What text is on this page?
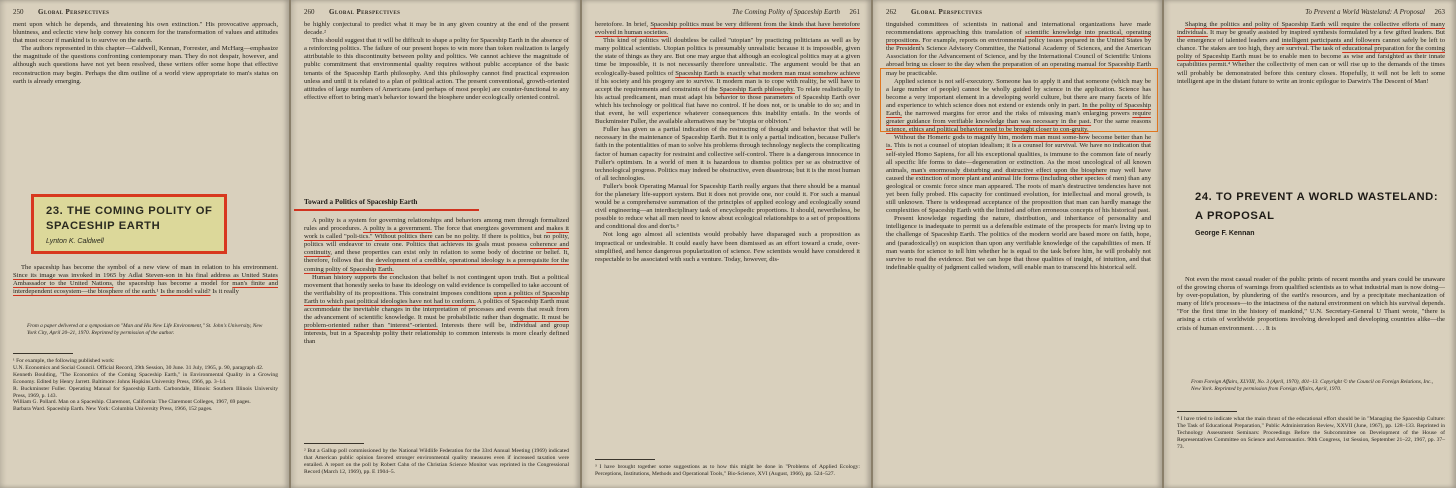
250 Global Perspectives

ment upon which he depends, and threatening his own extinction." His provocative approach, bluntness, and eclectic view help convey his concern for the transformation of values and attitudes that must occur if mankind is to survive on the earth.

The authors represented in this chapter—Caldwell, Kennan, Forrester, and McHarg—emphasize the magnitude of the questions confronting contemporary man. They do not despair, however, and although such questions have not yet been resolved, these writers offer some hope that effective reconstruction may begin. Perhaps the dim outline of a world view appropriate to man's status on earth is already emerging.

23. THE COMING POLITY OF SPACESHIP EARTH
Lynton K. Caldwell

The spaceship has become the symbol of a new view of man in relation to his environment. Since its image was invoked in 1965 by Adlai Steven-son in his final address as United States Ambassador to the United Nations, the spaceship has become a model for man's finite and interdependent ecosystem—the biosphere of the earth.¹ Is the model valid? Is it really

From a paper delivered at a symposium on "Man and His New Life Environment," St. John's University, New York City, April 20–21, 1970. Reprinted by permission of the author.

¹ For example, the following published work:

U.N. Economics and Social Council. Official Record, 39th Session, 30 June. 31 July, 1965, p. 90, paragraph 42.

Kenneth Boulding, "The Economics of the Coming Spaceship Earth," in Environmental Quality in a Growing Economy. Edited by Henry Jarrett. Baltimore: Johns Hopkins University Press, 1966, pp. 3–14.

R. Buckminster Fuller. Operating Manual for Spaceship Earth. Carbondale, Illinois: Southern Illinois University Press, 1969, p. 143.

William G. Pollard. Man on a Spaceship. Claremont, California: The Claremont Colleges, 1967, 69 pages.

Barbara Ward. Spaceship Earth. New York: Columbia University Press, 1966, 152 pages.

260 Global Perspectives

be highly conjectural to predict what it may be in any given country at the end of the present decade.²

This should suggest that it will be difficult to shape a polity for Spaceship Earth in the absence of a reinforcing politics. The failure of our present hopes to win more than token realization is largely attributable to this discontinuity between polity and politics. We cannot achieve the magnitude of public commitment that environmental quality requires without public acceptance of the basic tenants of the Spaceship Earth philosophy. And this philosophy cannot find practical expression unless and until it is related to a plan of political action. The present conventional, growth-oriented attitudes of large numbers of Americans (and perhaps of most people) are counter-functional to any effective effort to bring man's behavior toward the biosphere under ecologically oriented control.

Toward a Politics of Spaceship Earth

A polity is a system for governing relationships and behaviors among men through formalized rules and procedures. A polity is a government. The force that energizes government and makes it work is called "poli-tics." Without politics there can be no polity. If there is politics, but no polity, politics will endeavor to create one. Politics that achieves its goals must possess coherence and continuity, and these properties can exist only in relation to some body of doctrine or belief. It, therefore, follows that the development of a credible, operational ideology is a prerequisite for the coming polity of Spaceship Earth.

Human history supports the conclusion that belief is not contingent upon truth. But a political movement that honestly seeks to base its ideology on valid evidence is compelled to take account of the verifiability of its propositions. This constraint imposes conditions upon a politics of Spaceship Earth to which past political ideologies have not had to conform. A politics of Spaceship Earth must accommodate the inevitable changes in the interpretation of processes and events that result from the advancement of scientific knowledge. It must be probabilistic rather than dogmatic. It must be problem-oriented rather than "interest"-oriented. Interests there will be, individual and group interests, but in a Spaceship polity their relationship to common interests is more clearly defined than

² But a Gallup poll commissioned by the National Wildlife Federation for the 33rd Annual Meeting (1969) indicated that American public opinion favored stronger environmental quality measures even if increased taxation were entailed. A report on the poll by Robert Cahn of the Christian Science Monitor was reprinted in the Congressional Record (March 12, 1969), pp. E 1904–5.
The Coming Polity of Spaceship Earth 261

heretofore. In brief, Spaceship politics must be very different from the kinds that have heretofore evolved in human societies.

This kind of politics will doubtless be called "utopian" by practicing politicians as well as by many political scientists. Utopian politics is presumably unrealistic because it is impossible, given the state of things as they are. But one may argue that although an ecological politics may at a given time be impossible, it is not necessarily therefore unrealistic. The argument would be that an ecologically-based politics of Spaceship Earth is exactly what modern man must somehow achieve if his society and his progeny are to survive. It modern man is to cope with reality, he will have to accept the requirements and constraints of the Spaceship Earth philosophy. To relate realistically to his actual predicament, man must adapt his behavior to those parameters of Spaceship Earth over which his technology or political fiat have no control. If he does not, or is unable to do so; and in that event, he will experience whatever consequences this inability entails. In the words of Buckminster Fuller, the available alternatives may be "utopia or oblivion."

Fuller has given us a partial indication of the restructing of thought and behavior that will be necessary in the maintenance of Spaceship Earth. But it is only a partial indication, because Fuller's faith in the potentialities of man to solve his problems through technology neglects the complicating factor of human capacity for restraint and collective self-control. There is a dangerous innocence in Fuller's optimism. In a world of men it is hazardous to dismiss politics per se as obstructive of technological progress. Politics may indeed be obstructive, even disastrous; but it is the most human of all technologies.

Fuller's book Operating Manual for Spaceship Earth really argues that there should be a manual for the planetary life-support system. But it does not provide one, nor could it. For such a manual would be a comprehensive summation of the principles of applied ecology and ecologically sound civil engineering—an interdisciplinary task of encyclopedic proportions. It should, nevertheless, be possible to reduce what all men need to know about ecological relationships to a set of propositions and conditional dos and don'ts.³

Not long ago almost all scientists would probably have disparaged such a proposition as impractical or undesirable. It could easily have been dismissed as an effort toward a crude, over-simplified, and hence dangerous popularization of science. Few scientists would have considered it respectable to be associated with such a venture. Today, however, dis-

³ I have brought together some suggestions as to how this might be done in "Problems of Applied Ecology: Perceptions, Institutions, Methods and Operational Tools," Bio-Science, XVI (August, 1966), pp. 524–527.
262 Global Perspectives

tinguished committees of scientists in national and international organizations have made recommendations approaching this translation of scientific knowledge into practical, operating propositions. For example, reports on environmental policy issues prepared in the United States by the President's Science Advisory Committee, the National Academy of Sciences, and the American Association for the Advancement of Science, and by the International Council of Scientific Unions abroad bring us closer to the day when the preparation of an operating manual for Spaceship Earth may be practicable.

Applied science is not self-executory. Someone has to apply it and that someone (which may be a large number of people) cannot be wholly guided by science in the application. Science has become a very important element in a developing world culture, but there are many facets of life and experience to which science does not extend or extends only in part. In the polity of Spaceship Earth, the narrowed margins for error and the risks of misusing man's enlarging powers require greater guidance from verifiable knowledge than was necessary in the past. For the same reasons science, ethics and political behavior need to be brought closer to con-gruity.

Without the Homeric gods to magnify him, modern man must some-how become better than he is. This is not a counsel of utopian idealism; it is a counsel for survival. We have no indication that self-styled Homo Sapiens, for all his exceptional qualities, is immune to the common fate of nearly all specific life forms to date—degeneration or extinction. As the most uncological of all known animals, man's enormously disturbing and distructive effect upon the biosphere may well have caused the extinction of more plant and animal life forms (including other species of men) than any geological or cosmic force since man appeared. The roots of man's destructive tendencies have not yet been fully probed. His capacity for continued evolution, for intellectual and moral growth, is still unknown. There is widespread acceptance of the proposition that man can hardly manage the complexities of Spaceship Earth with the limited and often erroneous concepts of his historical past.

Present knowledge regarding the nature, distribution, and inheritance of personality and intelligence is inadequate to permit us a defensible estimate of the prospects for man's living up to the challenge of Spaceship Earth. The politics of the modern world are based more on faith, hope, and (paradoxically) on suspicion than upon any verifiable knowledge of the capabilities of men. If man wants for science to tell him whether he is equal to the task before him, he will probably not survive to read the evidence. But we can hope that those qualities of insight, of intuition, and that indefinable quality of judgment called wisdom, will enable man to transcend his historical self.

To Prevent a World Wasteland: A Proposal 263

Shaping the politics and polity of Spaceship Earth will require the collective efforts of many individuals. It may be greatly assisted by inspired synthesis formulated by a few gifted leaders. But the emergence of talented leaders and intelligent participants and followers cannot safely be left to chance. The stakes are too high, they are survival. The task of educational preparation for the coming polity of Spaceship Earth must be to enable men to become as wise and farsighted as their innate capabilities permit.⁴ Whether the collectivity of men can or will rise up to the demands of the times will probably be demonstrated before this century closes. Hopefully, it will not be left to some intelligent ape in the distant future to write an ironic epilogue to Darwin's The Descent of Man!

24. TO PREVENT A WORLD WASTELAND:
A PROPOSAL
George F. Kennan

Not even the most casual reader of the public prints of recent months and years could be unaware of the growing chorus of warnings from qualified scientists as to what industrial man is now doing—by over-population, by plundering of the earth's resources, and by a precipitate mechanization of many of life's processes—to the intactness of the natural environment on which his survival depends. "For the first time in the history of mankind," U.N. Secretary-General U Thant wrote, "there is arising a crisis of worldwide proportions involving developed and developing countries alike—the crisis of human environment. . . . It is

From Foreign Affairs, XLVIII, No. 3 (April, 1970), 401–13. Copyright © the Council on Foreign Relations, Inc., New York. Reprinted by permission from Foreign Affairs, April, 1970.
⁴ I have tried to indicate what the main thrust of the educational effort should be in "Managing the Spaceship Culture: The Task of Educational Preparation," Public Administration Review, XXVII (June, 1967), pp. 128–133. Reprinted in Technology Assessment Seminars: Proceedings Before the Subcommittee on Development of the House of Representatives Committee on Science and Astronautics. 90th Congress, 1st Session, September 21–22, 1967, pp. 37–73.
